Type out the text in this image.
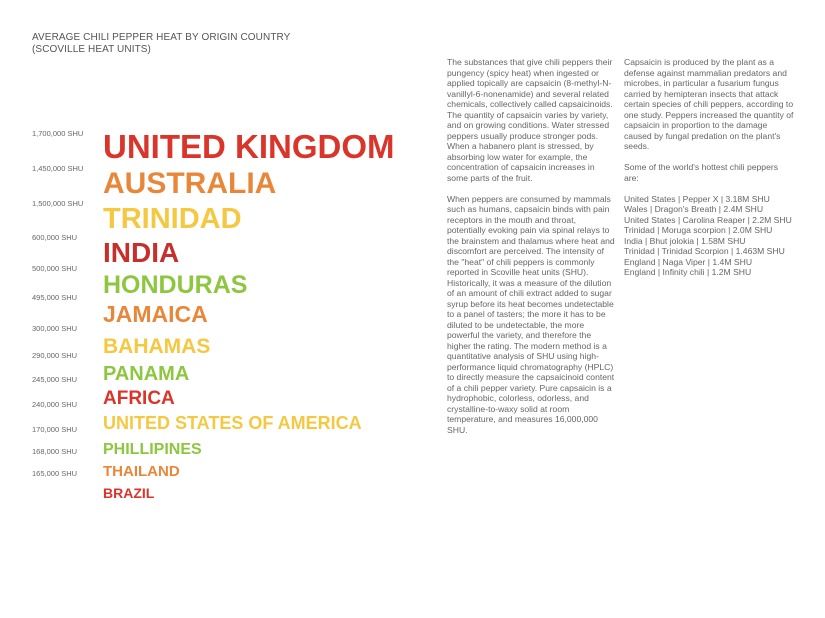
AVERAGE CHILI PEPPER HEAT BY ORIGIN COUNTRY
(SCOVILLE HEAT UNITS)
1,700,000 SHU UNITED KINGDOM
1,450,000 SHU AUSTRALIA
1,500,000 SHU TRINIDAD
600,000 SHU INDIA
500,000 SHU
HONDURAS
495,000 SHU
JAMAICA
300,000 SHU
BAHAMAS
290,000 SHU
PANAMA
245,000 SHU
AFRICA
240,000 SHU
UNITED STATES OF AMERICA
170,000 SHU
PHILLIPINES
168,000 SHU
THAILAND
165,000 SHU
BRAZIL

The substances that give chili peppers their pungency (spicy heat) when ingested or applied topically are capsaicin (8-methyl-N-vanillyl-6-nonenamide) and several related chemicals, collectively called capsaicinoids. The quantity of capsaicin varies by variety, and on growing conditions. Water stressed peppers usually produce stronger pods. When a habanero plant is stressed, by absorbing low water for example, the concentration of capsaicin increases in some parts of the fruit.

When peppers are consumed by mammals such as humans, capsaicin binds with pain receptors in the mouth and throat, potentially evoking pain via spinal relays to the brainstem and thalamus where heat and discomfort are perceived. The intensity of the "heat" of chili peppers is commonly reported in Scoville heat units (SHU). Historically, it was a measure of the dilution of an amount of chili extract added to sugar syrup before its heat becomes undetectable to a panel of tasters; the more it has to be diluted to be undetectable, the more powerful the variety, and therefore the higher the rating. The modern method is a quantitative analysis of SHU using high-performance liquid chromatography (HPLC) to directly measure the capsaicinoid content of a chili pepper variety. Pure capsaicin is a hydrophobic, colorless, odorless, and crystalline-to-waxy solid at room temperature, and measures 16,000,000 SHU.

Capsaicin is produced by the plant as a defense against mammalian predators and microbes, in particular a fusarium fungus carried by hemipteran insects that attack certain species of chili peppers, according to one study. Peppers increased the quantity of capsaicin in proportion to the damage caused by fungal predation on the plant's seeds.

Some of the world's hottest chili peppers are:

United States | Pepper X | 3.18M SHU
Wales | Dragon's Breath | 2.4M SHU
United States | Carolina Reaper | 2.2M SHU
Trinidad | Moruga scorpion | 2.0M SHU
India | Bhut jolokia | 1.58M SHU
Trinidad | Trinidad Scorpion | 1.463M SHU
England | Naga Viper | 1.4M SHU
England | Infinity chili | 1.2M SHU
